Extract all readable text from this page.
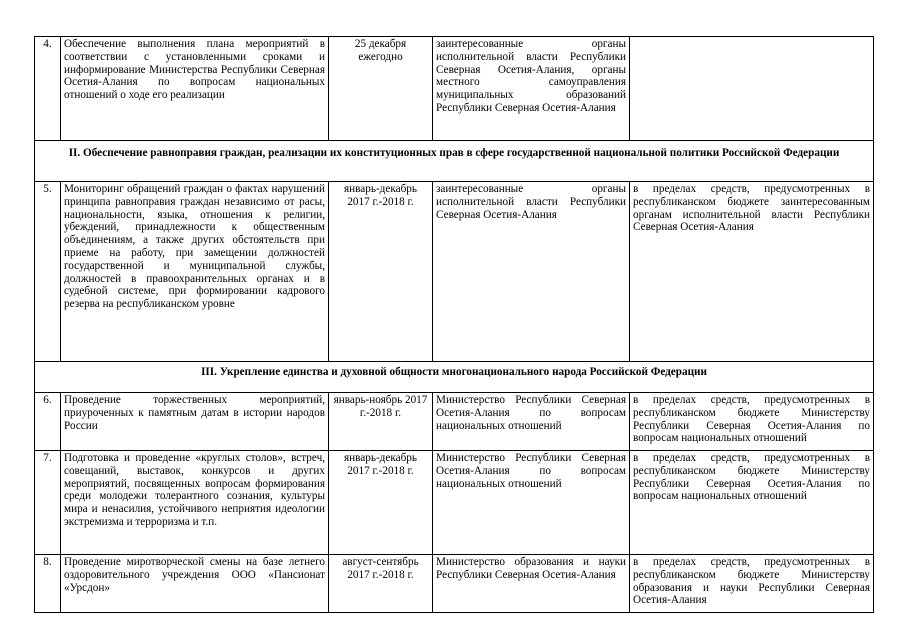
4.	Обеспечение выполнения плана мероприятий в соответствии с установленными сроками и информирование Министерства Республики Северная Осетия-Алания по вопросам национальных отношений о ходе его реализации	25 декабря ежегодно	заинтересованные органы исполнительной власти Республики Северная Осетия-Алания, органы местного самоуправления муниципальных образований Республики Северная Осетия-Алания	
II. Обеспечение равноправия граждан, реализации их конституционных прав в сфере государственной национальной политики Российской Федерации				
5.	Мониторинг обращений граждан о фактах нарушений принципа равноправия граждан независимо от расы, национальности, языка, отношения к религии, убеждений, принадлежности к общественным объединениям, а также других обстоятельств при приеме на работу, при замещении должностей государственной и муниципальной службы, должностей в правоохранительных органах и в судебной системе, при формировании кадрового резерва на республиканском уровне	январь-декабрь 2017 г.-2018 г.	заинтересованные органы исполнительной власти Республики Северная Осетия-Алания	в пределах средств, предусмотренных в республиканском бюджете заинтересованным органам исполнительной власти Республики Северная Осетия-Алания
III. Укрепление единства и духовной общности многонационального народа Российской Федерации				
6.	Проведение торжественных мероприятий, приуроченных к памятным датам в истории народов России	январь-ноябрь 2017 г.-2018 г.	Министерство Республики Северная Осетия-Алания по вопросам национальных отношений	в пределах средств, предусмотренных в республиканском бюджете Министерству Республики Северная Осетия-Алания по вопросам национальных отношений
7.	Подготовка и проведение «круглых столов», встреч, совещаний, выставок, конкурсов и других мероприятий, посвященных вопросам формирования среди молодежи толерантного сознания, культуры мира и ненасилия, устойчивого неприятия идеологии экстремизма и терроризма и т.п.	январь-декабрь 2017 г.-2018 г.	Министерство Республики Северная Осетия-Алания по вопросам национальных отношений	в пределах средств, предусмотренных в республиканском бюджете Министерству Республики Северная Осетия-Алания по вопросам национальных отношений
8.	Проведение миротворческой смены на базе летнего оздоровительного учреждения ООО «Пансионат «Урсдон»	август-сентябрь 2017 г.-2018 г.	Министерство образования и науки Республики Северная Осетия-Алания	в пределах средств, предусмотренных в республиканском бюджете Министерству образования и науки Республики Северная Осетия-Алания
